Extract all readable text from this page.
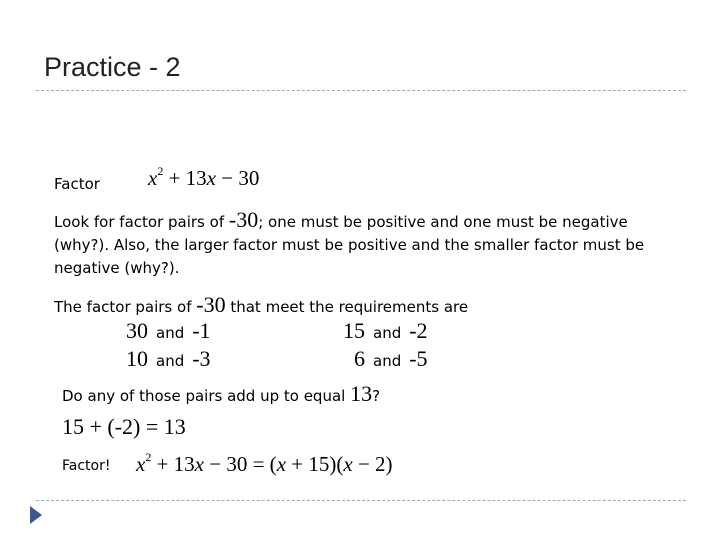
Practice - 2
Factor $x^2 + 13x - 30$
Look for factor pairs of -30; one must be positive and one must be negative (why?). Also, the larger factor must be positive and the smaller factor must be negative (why?).
The factor pairs of -30 that meet the requirements are
30 and -1	15 and -2
10 and -3	6 and -5
Do any of those pairs add up to equal 13?
15 + (-2) = 13
Factor! $x^2 + 13x - 30 = (x + 15)(x - 2)$
